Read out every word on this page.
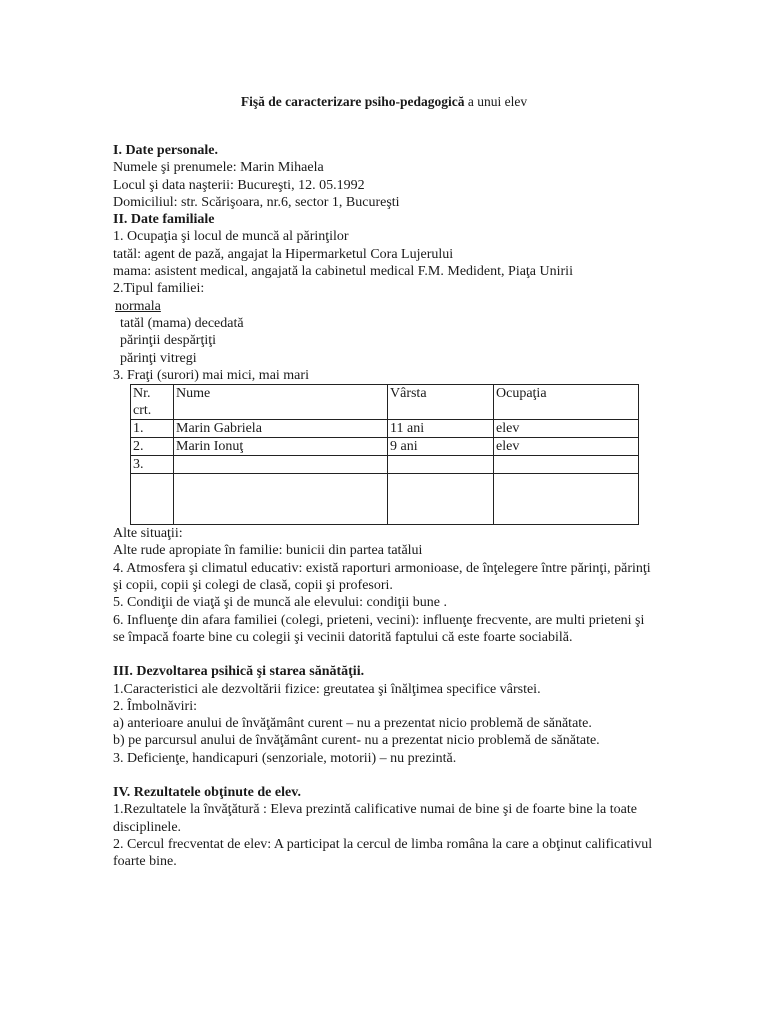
Fişă de caracterizare psiho-pedagogică a unui elev
I. Date personale.
Numele şi prenumele: Marin Mihaela
Locul şi data naşterii: Bucureşti, 12. 05.1992
Domiciliul: str. Scărişoara, nr.6, sector 1, Bucureşti
II. Date familiale
1. Ocupaţia şi locul de muncă al părinţilor
tatăl: agent de pază, angajat la Hipermarketul Cora Lujerului
mama: asistent medical, angajată la cabinetul medical F.M. Medident, Piaţa Unirii
2.Tipul familiei:
normala
tatăl (mama) decedată
părinţii despărţiţi
părinţi vitregi
3. Fraţi (surori) mai mici, mai mari
Nr. crt.	Nume	Vârsta	Ocupaţia
1.	Marin Gabriela	11 ani	elev
2.	Marin Ionuţ	9 ani	elev
3.			

Alte situaţii:
Alte rude apropiate în familie: bunicii din partea tatălui
4. Atmosfera şi climatul educativ: există raporturi armonioase, de înţelegere între părinţi, părinţi şi copii, copii şi colegi de clasă, copii şi profesori.
5. Condiţii de viaţă şi de muncă ale elevului: condiţii bune .
6. Influenţe din afara familiei (colegi, prieteni, vecini): influenţe frecvente, are multi prieteni şi se împacă foarte bine cu colegii şi vecinii datorită faptului că este foarte sociabilă.
III. Dezvoltarea psihică şi starea sănătăţii.
1.Caracteristici ale dezvoltării fizice: greutatea şi înălţimea specifice vârstei.
2. Îmbolnăviri:
a) anterioare anului de învăţământ curent – nu a prezentat nicio problemă de sănătate.
b) pe parcursul anului de învăţământ curent- nu a prezentat nicio problemă de sănătate.
3. Deficienţe, handicapuri (senzoriale, motorii) – nu prezintă.
IV. Rezultatele obţinute de elev.
1.Rezultatele la învăţătură : Eleva prezintă calificative numai de bine şi de foarte bine la toate disciplinele.
2. Cercul frecventat de elev: A participat la cercul de limba româna la care a obţinut calificativul foarte bine.
